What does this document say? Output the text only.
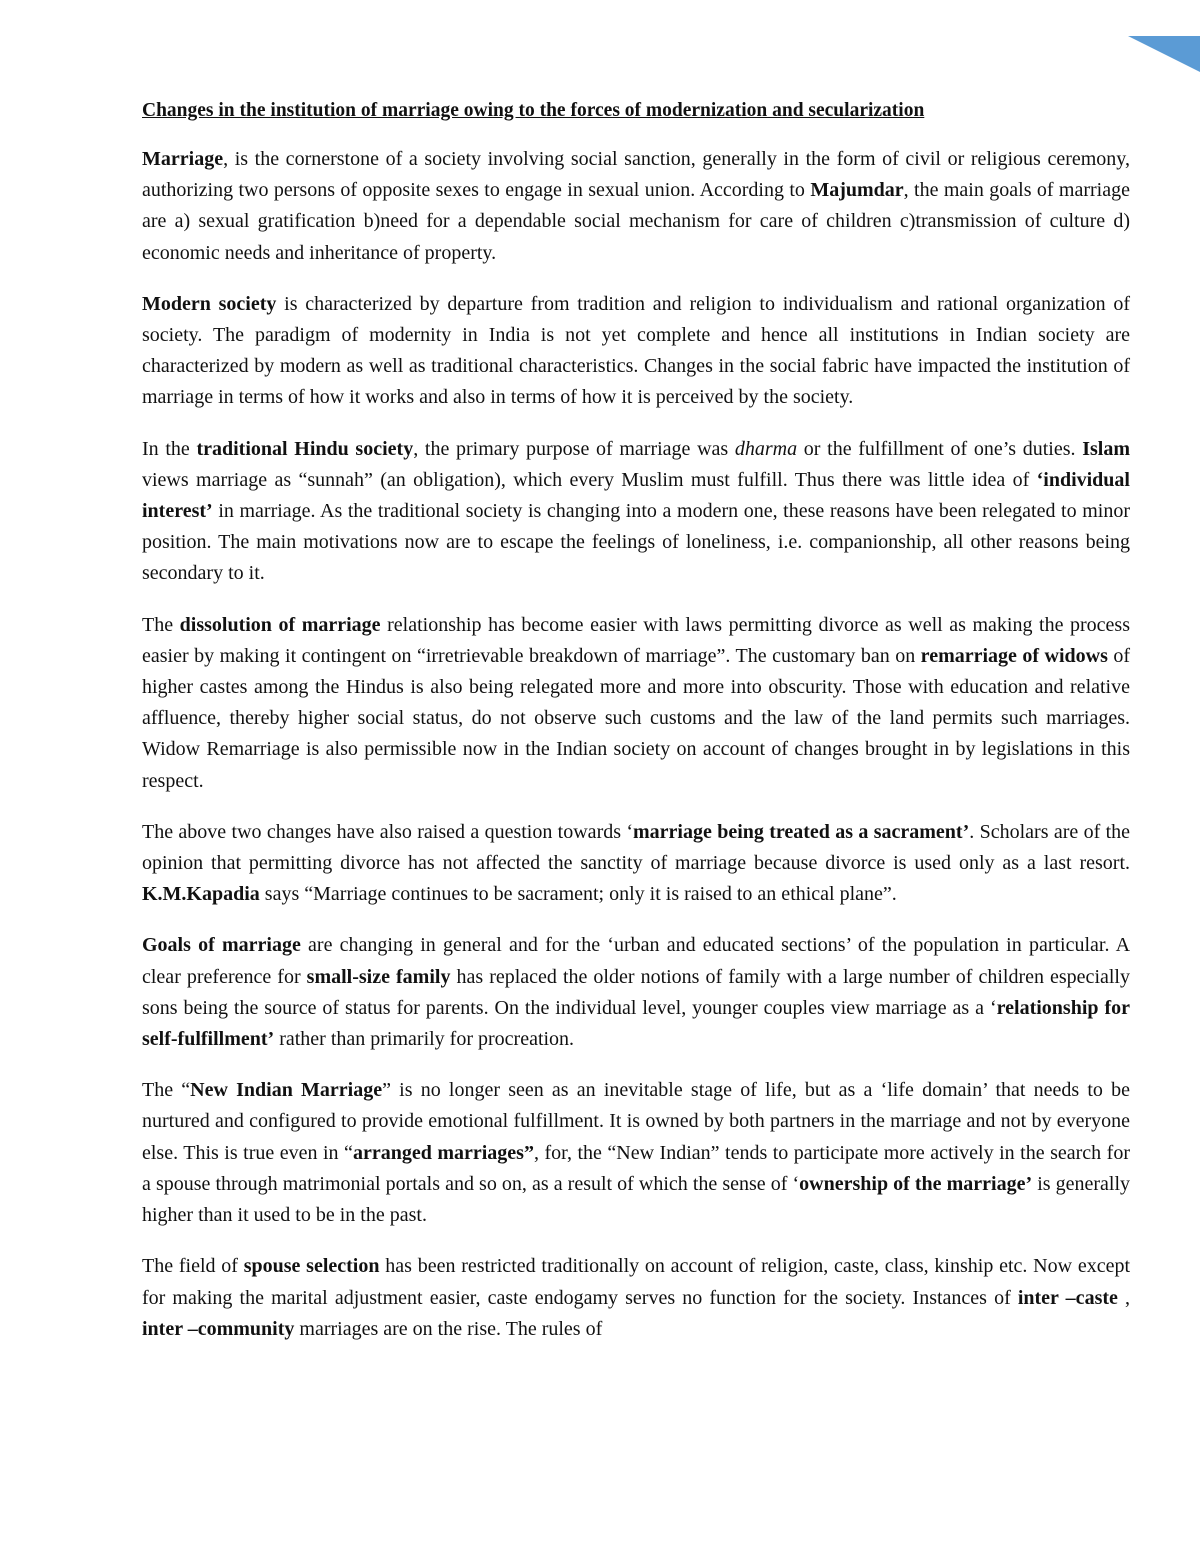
Changes in the institution of marriage owing to the forces of modernization and secularization

Marriage, is the cornerstone of a society involving social sanction, generally in the form of civil or religious ceremony, authorizing two persons of opposite sexes to engage in sexual union. According to Majumdar, the main goals of marriage are a) sexual gratification b)need for a dependable social mechanism for care of children c)transmission of culture d) economic needs and inheritance of property.

Modern society is characterized by departure from tradition and religion to individualism and rational organization of society. The paradigm of modernity in India is not yet complete and hence all institutions in Indian society are characterized by modern as well as traditional characteristics. Changes in the social fabric have impacted the institution of marriage in terms of how it works and also in terms of how it is perceived by the society.

In the traditional Hindu society, the primary purpose of marriage was dharma or the fulfillment of one’s duties. Islam views marriage as “sunnah” (an obligation), which every Muslim must fulfill. Thus there was little idea of ‘individual interest’ in marriage. As the traditional society is changing into a modern one, these reasons have been relegated to minor position. The main motivations now are to escape the feelings of loneliness, i.e. companionship, all other reasons being secondary to it.

The dissolution of marriage relationship has become easier with laws permitting divorce as well as making the process easier by making it contingent on “irretrievable breakdown of marriage”. The customary ban on remarriage of widows of higher castes among the Hindus is also being relegated more and more into obscurity. Those with education and relative affluence, thereby higher social status, do not observe such customs and the law of the land permits such marriages. Widow Remarriage is also permissible now in the Indian society on account of changes brought in by legislations in this respect.

The above two changes have also raised a question towards ‘marriage being treated as a sacrament’. Scholars are of the opinion that permitting divorce has not affected the sanctity of marriage because divorce is used only as a last resort. K.M.Kapadia says “Marriage continues to be sacrament; only it is raised to an ethical plane”.

Goals of marriage are changing in general and for the ‘urban and educated sections’ of the population in particular. A clear preference for small-size family has replaced the older notions of family with a large number of children especially sons being the source of status for parents. On the individual level, younger couples view marriage as a ‘relationship for self-fulfillment’ rather than primarily for procreation.

The “New Indian Marriage” is no longer seen as an inevitable stage of life, but as a ‘life domain’ that needs to be nurtured and configured to provide emotional fulfillment. It is owned by both partners in the marriage and not by everyone else. This is true even in “arranged marriages”, for, the “New Indian” tends to participate more actively in the search for a spouse through matrimonial portals and so on, as a result of which the sense of ‘ownership of the marriage’ is generally higher than it used to be in the past.

The field of spouse selection has been restricted traditionally on account of religion, caste, class, kinship etc. Now except for making the marital adjustment easier, caste endogamy serves no function for the society. Instances of inter –caste , inter –community marriages are on the rise. The rules of
